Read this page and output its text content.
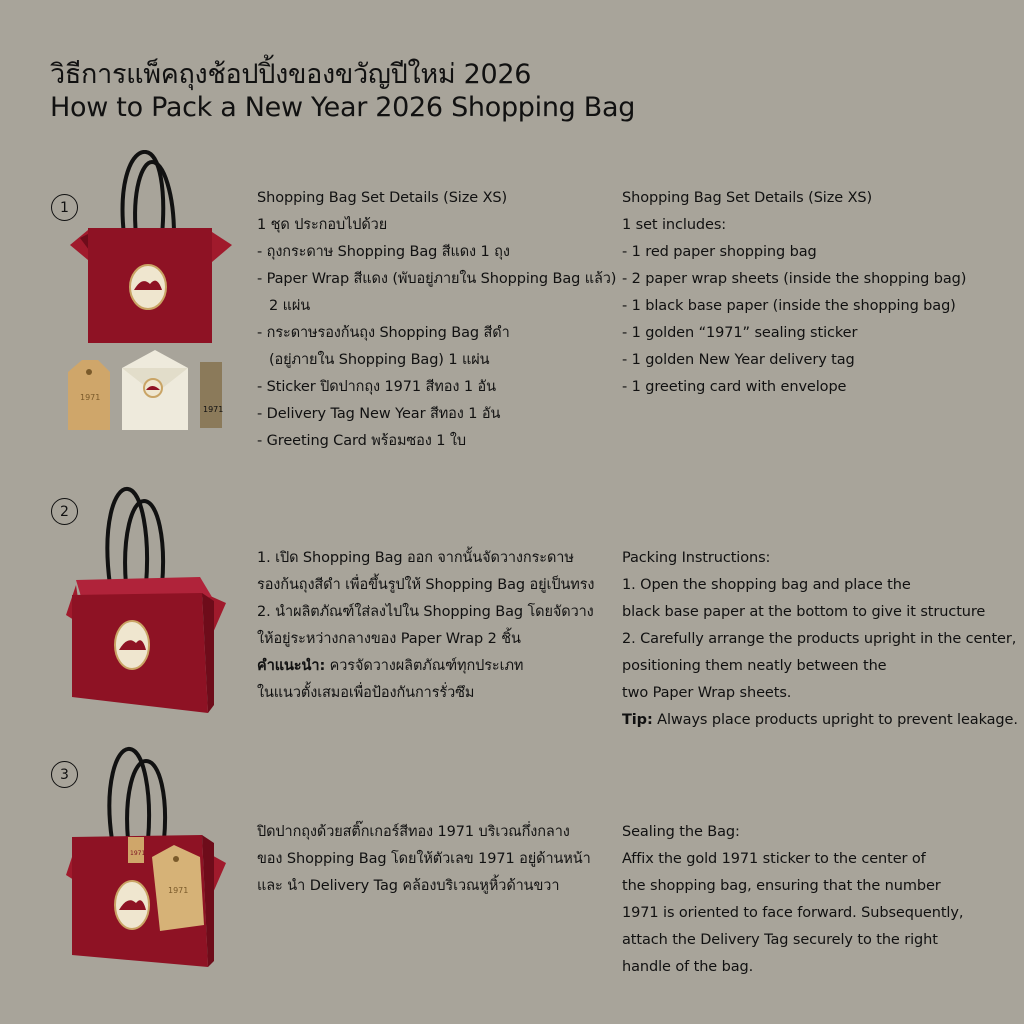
วิธีการแพ็คถุงช้อปปิ้งของขวัญปีใหม่ 2026
How to Pack a New Year 2026 Shopping Bag
1
1971
1971

Shopping Bag Set Details (Size XS)

1 ชุด ประกอบไปด้วย

- ถุงกระดาษ Shopping Bag สีแดง 1 ถุง

- Paper Wrap สีแดง (พับอยู่ภายใน Shopping Bag แล้ว)

2 แผ่น

- กระดาษรองก้นถุง Shopping Bag สีดำ

(อยู่ภายใน Shopping Bag) 1 แผ่น

- Sticker ปิดปากถุง 1971 สีทอง 1 อัน

- Delivery Tag New Year สีทอง 1 อัน

- Greeting Card พร้อมซอง 1 ใบ

Shopping Bag Set Details (Size XS)

1 set includes:

- 1 red paper shopping bag

- 2 paper wrap sheets (inside the shopping bag)

- 1 black base paper (inside the shopping bag)

- 1 golden “1971” sealing sticker

- 1 golden New Year delivery tag

- 1 greeting card with envelope

2

1. เปิด Shopping Bag ออก จากนั้นจัดวางกระดาษ

รองก้นถุงสีดำ เพื่อขึ้นรูปให้ Shopping Bag อยู่เป็นทรง

2. นำผลิตภัณฑ์ใส่ลงไปใน Shopping Bag โดยจัดวาง

ให้อยู่ระหว่างกลางของ Paper Wrap 2 ชิ้น

คำแนะนำ: ควรจัดวางผลิตภัณฑ์ทุกประเภท

ในแนวตั้งเสมอเพื่อป้องกันการรั่วซึม

Packing Instructions:

1. Open the shopping bag and place the

black base paper at the bottom to give it structure

2. Carefully arrange the products upright in the center,

positioning them neatly between the

two Paper Wrap sheets.

Tip: Always place products upright to prevent leakage.

3
1971
1971

ปิดปากถุงด้วยสติ๊กเกอร์สีทอง 1971 บริเวณกึ่งกลาง

ของ Shopping Bag โดยให้ตัวเลข 1971 อยู่ด้านหน้า

และ นำ Delivery Tag คล้องบริเวณหูหิ้วด้านขวา

Sealing the Bag:

Affix the gold 1971 sticker to the center of

the shopping bag, ensuring that the number

1971 is oriented to face forward. Subsequently,

attach the Delivery Tag securely to the right

handle of the bag.
